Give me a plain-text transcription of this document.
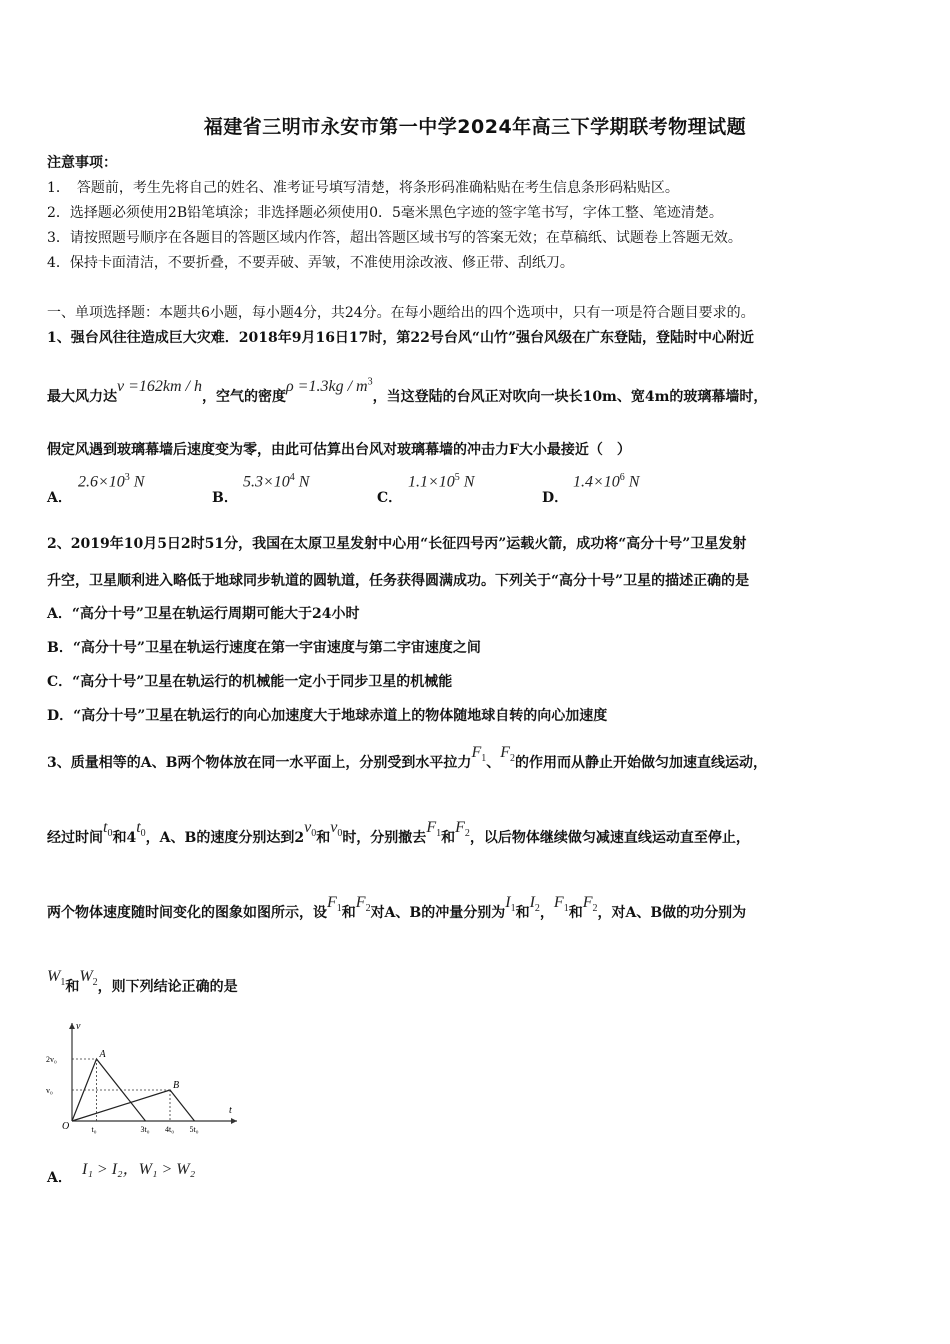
福建省三明市永安市第一中学2024年高三下学期联考物理试题
注意事项：
1．　答题前，考生先将自己的姓名、准考证号填写清楚，将条形码准确粘贴在考生信息条形码粘贴区。
2．选择题必须使用2B铅笔填涂；非选择题必须使用0．5毫米黑色字迹的签字笔书写，字体工整、笔迹清楚。
3．请按照题号顺序在各题目的答题区域内作答，超出答题区域书写的答案无效；在草稿纸、试题卷上答题无效。
4．保持卡面清洁，不要折叠，不要弄破、弄皱，不准使用涂改液、修正带、刮纸刀。
一、单项选择题：本题共6小题，每小题4分，共24分。在每小题给出的四个选项中，只有一项是符合题目要求的。
1、强台风往往造成巨大灾难．2018年9月16日17时，第22号台风“山竹”强台风级在广东登陆，登陆时中心附近
最大风力达v =162km / h，空气的密度$\rho =1.3kg / m^3$，当这登陆的台风正对吹向一块长10m、宽4m的玻璃幕墙时，
假定风遇到玻璃幕墙后速度变为零，由此可估算出台风对玻璃幕墙的冲击力F大小最接近（　）
A．
$2.6\times 10^3$ N
B．
$5.3\times 10^4$ N
C．
$1.1\times 10^5$ N
D．
$1.4\times 10^6$ N
2、2019年10月5日2时51分，我国在太原卫星发射中心用“长征四号丙”运载火箭，成功将“高分十号”卫星发射
升空，卫星顺利进入略低于地球同步轨道的圆轨道，任务获得圆满成功。下列关于“高分十号”卫星的描述正确的是
A．“高分十号”卫星在轨运行周期可能大于24小时
B．“高分十号”卫星在轨运行速度在第一宇宙速度与第二宇宙速度之间
C．“高分十号”卫星在轨运行的机械能一定小于同步卫星的机械能
D．“高分十号”卫星在轨运行的向心加速度大于地球赤道上的物体随地球自转的向心加速度
3、质量相等的A、B两个物体放在同一水平面上，分别受到水平拉力$F_1$、$F_2$的作用而从静止开始做匀加速直线运动，
经过时间$t_0$和$4t_0$，A、B的速度分别达到$2v_0$和$v_0$时，分别撤去$F_1$和$F_2$，以后物体继续做匀减速直线运动直至停止，
两个物体速度随时间变化的图象如图所示，设$F_1$和$F_2$对A、B的冲量分别为$I_1$和$I_2$，$F_1$和$F_2$，对A、B做的功分别为
$W_1$和$W_2$，则下列结论正确的是
t
v
O
2v₀
v₀
t₀	3t₀ 4t₀ 5t₀
A
B
A． I₁ > I₂，W₁ > W₂
